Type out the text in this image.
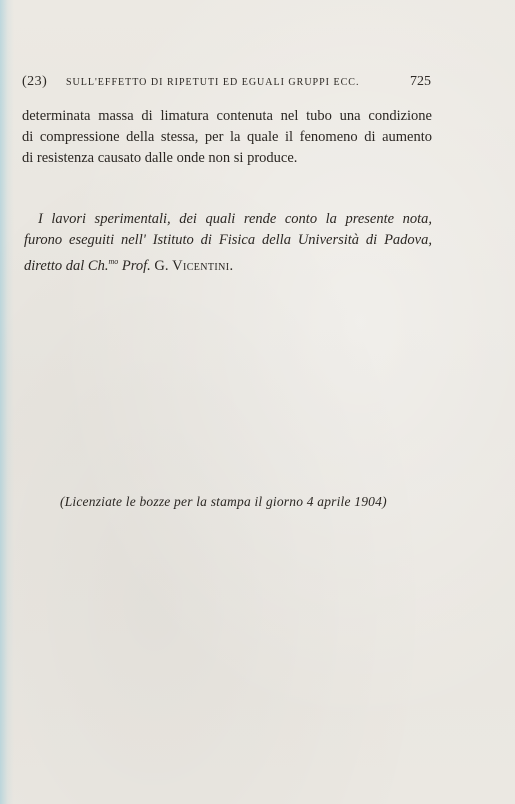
(23) SULL'EFFETTO DI RIPETUTI ED EGUALI GRUPPI ECC.	725
determinata massa di limatura contenuta nel tubo una condizione
di compressione della stessa, per la quale il fenomeno di aumento
di resistenza causato dalle onde non si produce.
I lavori sperimentali, dei quali rende conto la presente nota,
furono eseguiti nell' Istituto di Fisica della Università di Padova,
diretto dal Ch.$^{mo}$ Prof. G. Vicentini.
(Licenziate le bozze per la stampa il giorno 4 aprile 1904)
